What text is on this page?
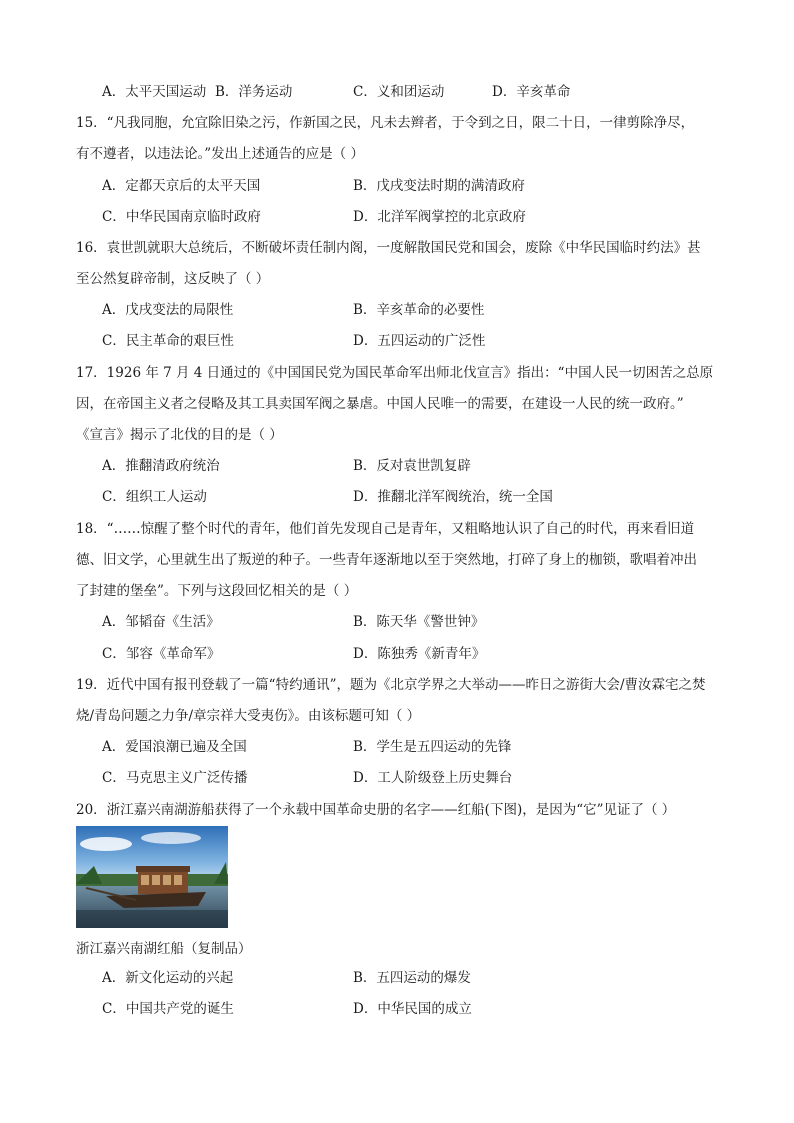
A．太平天国运动 B．洋务运动	C．义和团运动	D．辛亥革命
15．“凡我同胞，允宜除旧染之污，作新国之民，凡未去辫者，于令到之日，限二十日，一律剪除净尽，
有不遵者，以违法论。”发出上述通告的应是（ ）
A．定都天京后的太平天国	B．戊戌变法时期的满清政府
C．中华民国南京临时政府	D．北洋军阀掌控的北京政府
16．袁世凯就职大总统后，不断破坏责任制内阁，一度解散国民党和国会，废除《中华民国临时约法》甚
至公然复辟帝制，这反映了（ ）
A．戊戌变法的局限性	B．辛亥革命的必要性
C．民主革命的艰巨性	D．五四运动的广泛性
17．1926 年 7 月 4 日通过的《中国国民党为国民革命军出师北伐宣言》指出：“中国人民一切困苦之总原
因，在帝国主义者之侵略及其工具卖国军阀之暴虐。中国人民唯一的需要，在建设一人民的统一政府。”
《宣言》揭示了北伐的目的是（ ）
A．推翻清政府统治	B．反对袁世凯复辟
C．组织工人运动	D．推翻北洋军阀统治，统一全国
18．“……惊醒了整个时代的青年，他们首先发现自己是青年，又粗略地认识了自己的时代，再来看旧道
德、旧文学，心里就生出了叛逆的种子。一些青年逐渐地以至于突然地，打碎了身上的枷锁，歌唱着冲出
了封建的堡垒”。下列与这段回忆相关的是（ ）
A．邹韬奋《生活》	B．陈天华《警世钟》
C．邹容《革命军》	D．陈独秀《新青年》
19．近代中国有报刊登载了一篇“特约通讯”，题为《北京学界之大举动——昨日之游街大会/曹汝霖宅之焚
烧/青岛问题之力争/章宗祥大受夷伤》。由该标题可知（ ）
A．爱国浪潮已遍及全国	B．学生是五四运动的先锋
C．马克思主义广泛传播	D．工人阶级登上历史舞台
20．浙江嘉兴南湖游船获得了一个永载中国革命史册的名字——红船(下图)，是因为“它”见证了（ ）
浙江嘉兴南湖红船（复制品）
A．新文化运动的兴起	B．五四运动的爆发
C．中国共产党的诞生	D．中华民国的成立
